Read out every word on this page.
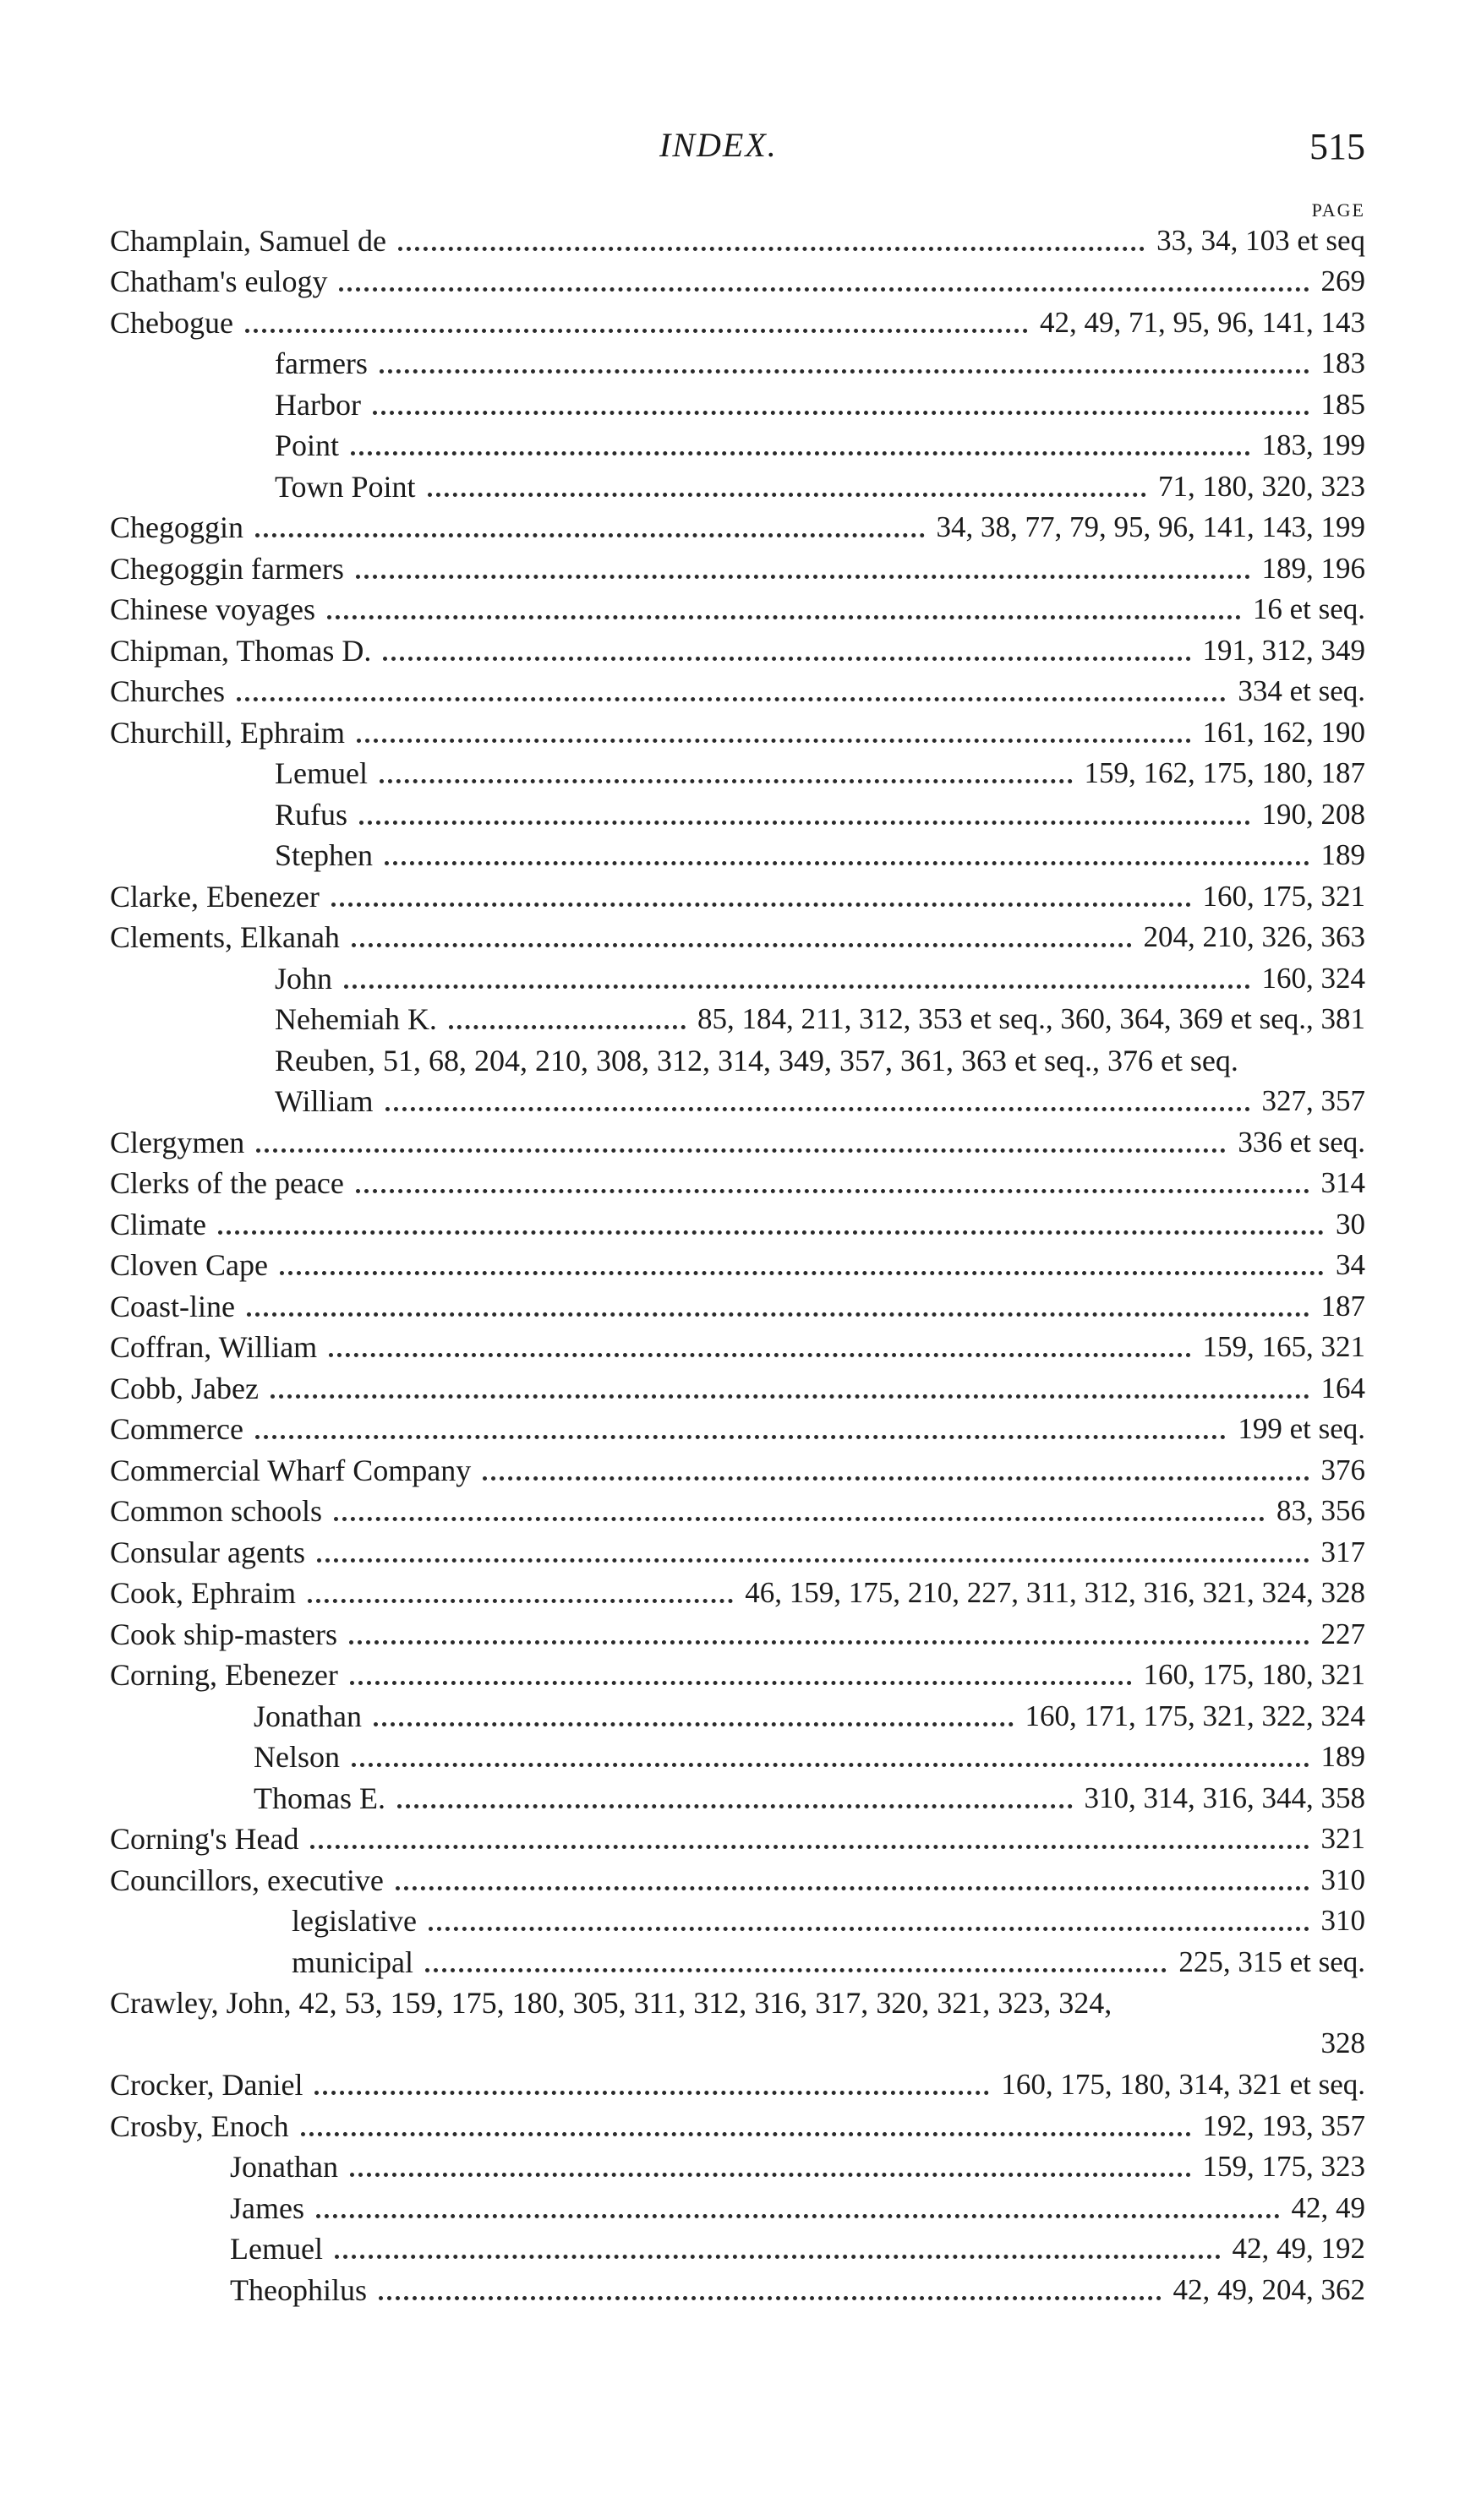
INDEX.	515
PAGE
Champlain, Samuel de	33, 34, 103 et seq
Chatham's eulogy	269
Chebogue	42, 49, 71, 95, 96, 141, 143
farmers	183
Harbor	185
Point	183, 199
Town Point	71, 180, 320, 323
Chegoggin	34, 38, 77, 79, 95, 96, 141, 143, 199
Chegoggin farmers	189, 196
Chinese voyages	16 et seq.
Chipman, Thomas D.	191, 312, 349
Churches	334 et seq.
Churchill, Ephraim	161, 162, 190
Lemuel	159, 162, 175, 180, 187
Rufus	190, 208
Stephen	189
Clarke, Ebenezer	160, 175, 321
Clements, Elkanah	204, 210, 326, 363
John	160, 324
Nehemiah K.	85, 184, 211, 312, 353 et seq., 360, 364, 369 et seq., 381
Reuben, 51, 68, 204, 210, 308, 312, 314, 349, 357, 361, 363 et seq., 376 et seq.
William	327, 357
Clergymen	336 et seq.
Clerks of the peace	314
Climate	30
Cloven Cape	34
Coast-line	187
Coffran, William	159, 165, 321
Cobb, Jabez	164
Commerce	199 et seq.
Commercial Wharf Company	376
Common schools	83, 356
Consular agents	317
Cook, Ephraim	46, 159, 175, 210, 227, 311, 312, 316, 321, 324, 328
Cook ship-masters	227
Corning, Ebenezer	160, 175, 180, 321
Jonathan	160, 171, 175, 321, 322, 324
Nelson	189
Thomas E.	310, 314, 316, 344, 358
Corning's Head	321
Councillors, executive	310
legislative	310
municipal	225, 315 et seq.
Crawley, John, 42, 53, 159, 175, 180, 305, 311, 312, 316, 317, 320, 321, 323, 324,
328
Crocker, Daniel	160, 175, 180, 314, 321 et seq.
Crosby, Enoch	192, 193, 357
Jonathan	159, 175, 323
James	42, 49
Lemuel	42, 49, 192
Theophilus	42, 49, 204, 362
